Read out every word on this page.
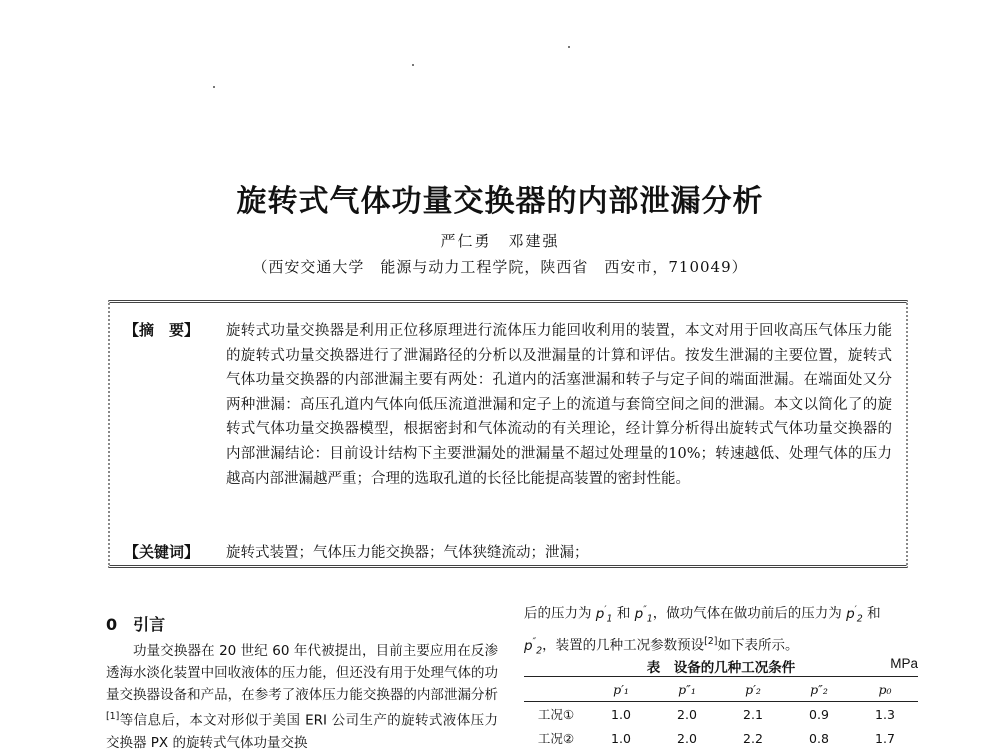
旋转式气体功量交换器的内部泄漏分析
严仁勇　邓建强
（西安交通大学　能源与动力工程学院，陕西省　西安市，710049）
【摘　要】	旋转式功量交换器是利用正位移原理进行流体压力能回收利用的装置，本文对用于回收高压气体压力能的旋转式功量交换器进行了泄漏路径的分析以及泄漏量的计算和评估。按发生泄漏的主要位置，旋转式气体功量交换器的内部泄漏主要有两处：孔道内的活塞泄漏和转子与定子间的端面泄漏。在端面处又分两种泄漏：高压孔道内气体向低压流道泄漏和定子上的流道与套筒空间之间的泄漏。本文以简化了的旋转式气体功量交换器模型，根据密封和气体流动的有关理论，经计算分析得出旋转式气体功量交换器的内部泄漏结论：目前设计结构下主要泄漏处的泄漏量不超过处理量的10%；转速越低、处理气体的压力越高内部泄漏越严重；合理的选取孔道的长径比能提高装置的密封性能。
【关键词】	旋转式装置；气体压力能交换器；气体狭缝流动；泄漏；
0　引言

功量交换器在 20 世纪 60 年代被提出，目前主要应用在反渗透海水淡化装置中回收液体的压力能，但还没有用于处理气体的功量交换器设备和产品，在参考了液体压力能交换器的内部泄漏分析[1]等信息后，本文对形似于美国 ERI 公司生产的旋转式液体压力交换器 PX 的旋转式气体功量交换

后的压力为 $p'_1$ 和 $p''_1$，做功气体在做功前后的压力为 $p'_2$ 和
$p''_2$，装置的几种工况参数预设[2]如下表所示。
表　设备的几种工况条件	MPa
	p′₁	p″₁	p′₂	p″₂	p₀
工况①	1.0	2.0	2.1	0.9	1.3
工况②	1.0	2.0	2.2	0.8	1.7
